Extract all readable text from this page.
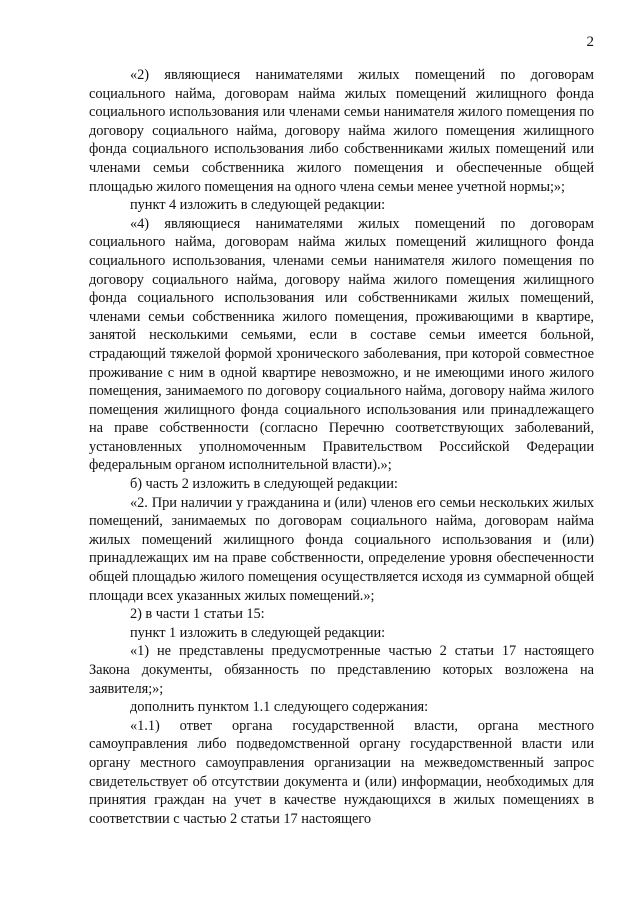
2

«2) являющиеся нанимателями жилых помещений по договорам социального найма, договорам найма жилых помещений жилищного фонда социального использования или членами семьи нанимателя жилого помещения по договору социального найма, договору найма жилого помещения жилищного фонда социального использования либо собственниками жилых помещений или членами семьи собственника жилого помещения и обеспеченные общей площадью жилого помещения на одного члена семьи менее учетной нормы;»;

пункт 4 изложить в следующей редакции:

«4) являющиеся нанимателями жилых помещений по договорам социального найма, договорам найма жилых помещений жилищного фонда социального использования, членами семьи нанимателя жилого помещения по договору социального найма, договору найма жилого помещения жилищного фонда социального использования или собственниками жилых помещений, членами семьи собственника жилого помещения, проживающими в квартире, занятой несколькими семьями, если в составе семьи имеется больной, страдающий тяжелой формой хронического заболевания, при которой совместное проживание с ним в одной квартире невозможно, и не имеющими иного жилого помещения, занимаемого по договору социального найма, договору найма жилого помещения жилищного фонда социального использования или принадлежащего на праве собственности (согласно Перечню соответствующих заболеваний, установленных уполномоченным Правительством Российской Федерации федеральным органом исполнительной власти).»;

б) часть 2 изложить в следующей редакции:

«2. При наличии у гражданина и (или) членов его семьи нескольких жилых помещений, занимаемых по договорам социального найма, договорам найма жилых помещений жилищного фонда социального использования и (или) принадлежащих им на праве собственности, определение уровня обеспеченности общей площадью жилого помещения осуществляется исходя из суммарной общей площади всех указанных жилых помещений.»;

2) в части 1 статьи 15:

пункт 1 изложить в следующей редакции:

«1) не представлены предусмотренные частью 2 статьи 17 настоящего Закона документы, обязанность по представлению которых возложена на заявителя;»;

дополнить пунктом 1.1 следующего содержания:

«1.1) ответ органа государственной власти, органа местного самоуправления либо подведомственной органу государственной власти или органу местного самоуправления организации на межведомственный запрос свидетельствует об отсутствии документа и (или) информации, необходимых для принятия граждан на учет в качестве нуждающихся в жилых помещениях в соответствии с частью 2 статьи 17 настоящего
